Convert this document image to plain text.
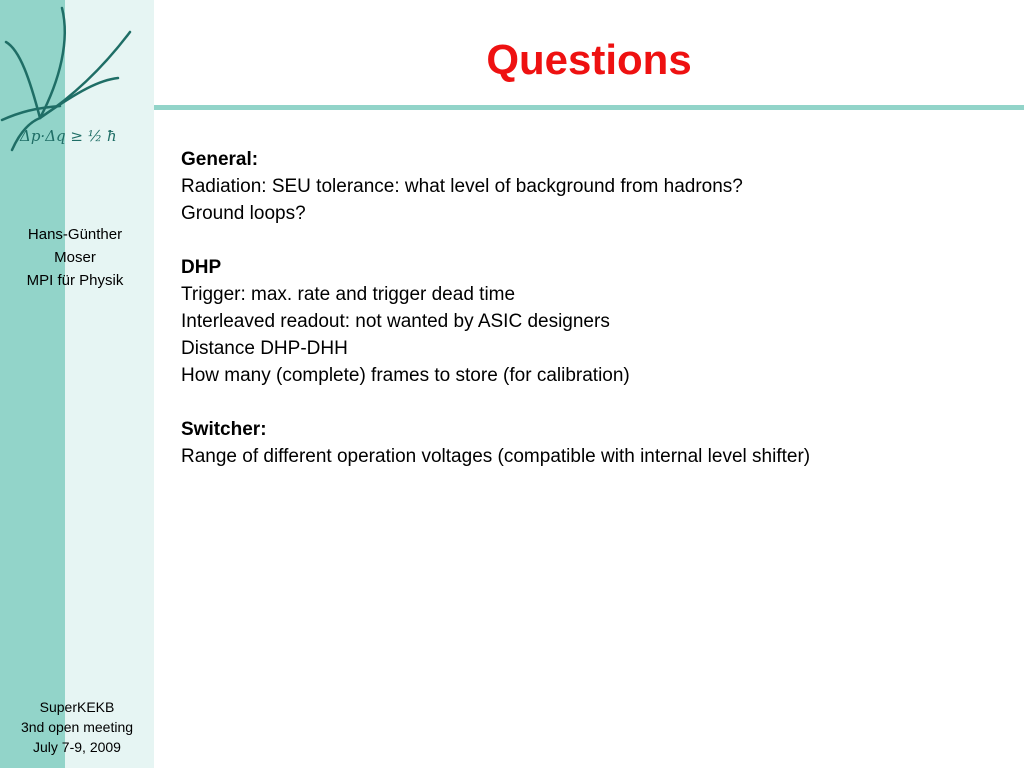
Δp·Δq ≥ ½ ħ
Questions
Hans-Günther
Moser
MPI für Physik
SuperKEKB
3nd open meeting
July 7-9, 2009
General:
Radiation: SEU tolerance: what level of background from hadrons?
Ground loops?
DHP
Trigger: max. rate and trigger dead time
Interleaved readout: not wanted by ASIC designers
Distance DHP-DHH
How many (complete) frames to store (for calibration)
Switcher:
Range of different operation voltages (compatible with internal level shifter)
